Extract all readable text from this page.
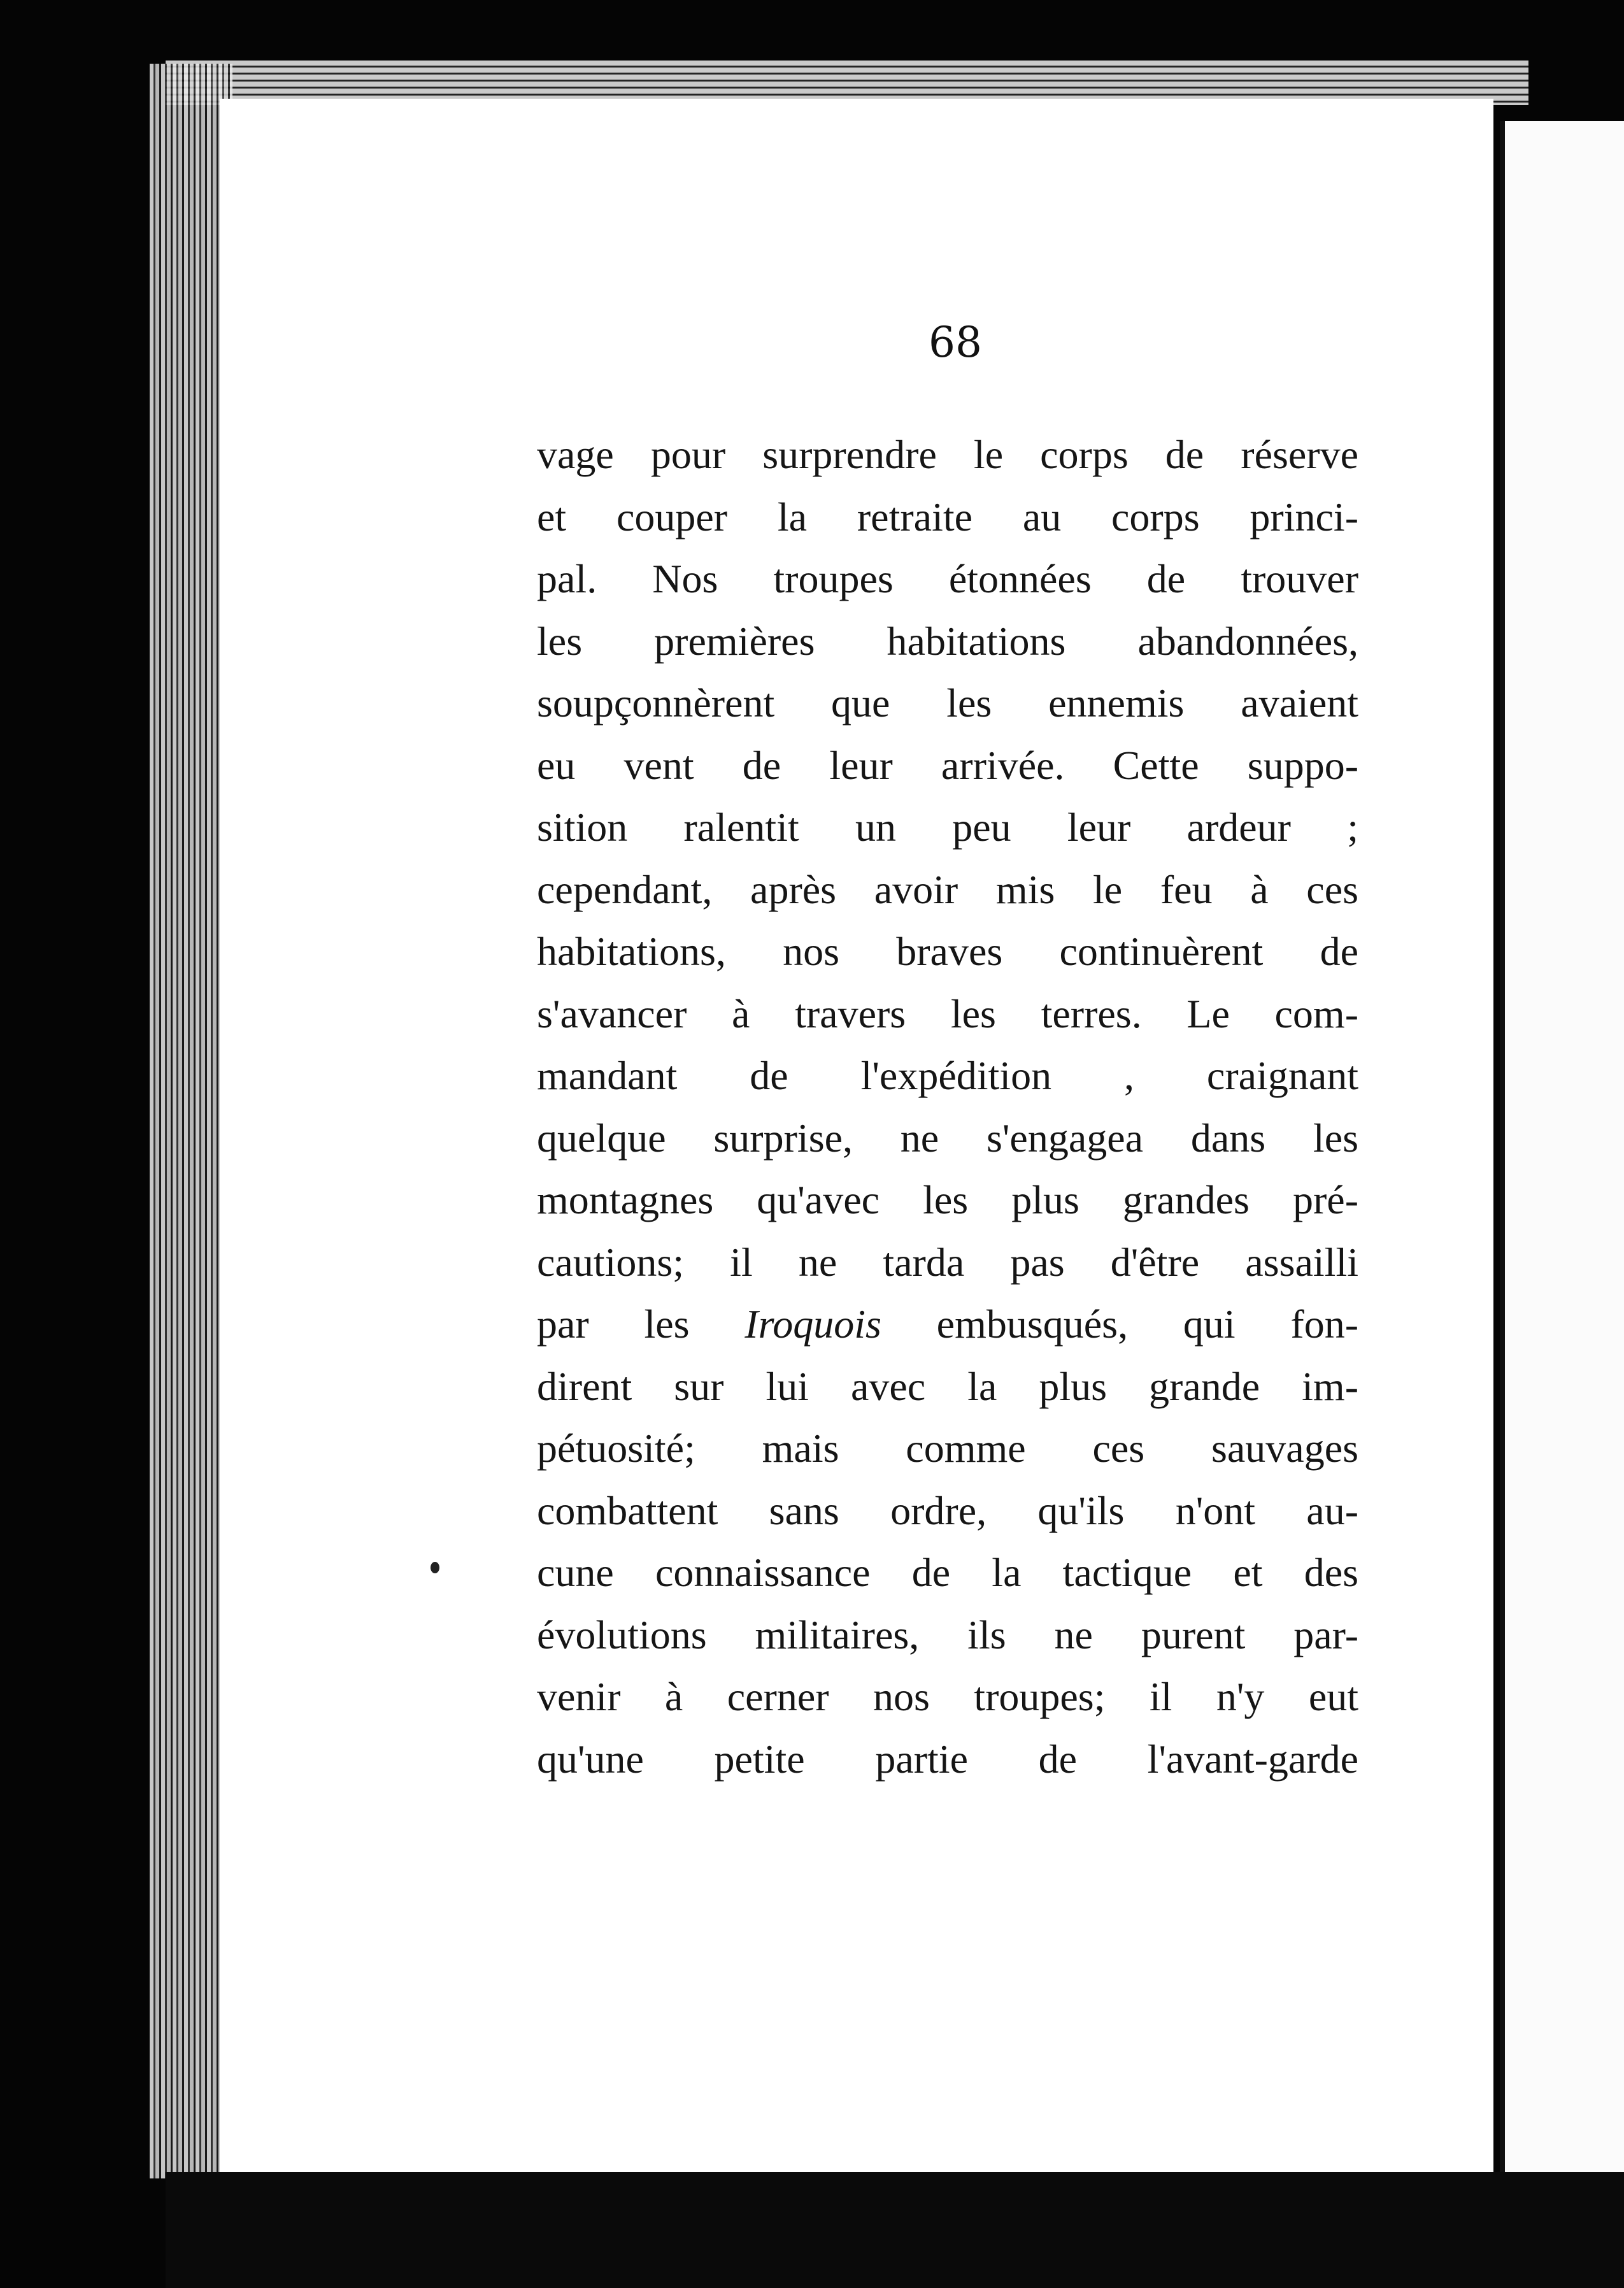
68
vage pour surprendre le corps de réserve
et couper la retraite au corps princi-
pal. Nos troupes étonnées de trouver
les premières habitations abandonnées,
soupçonnèrent que les ennemis avaient
eu vent de leur arrivée. Cette suppo-
sition ralentit un peu leur ardeur ;
cependant, après avoir mis le feu à ces
habitations, nos braves continuèrent de
s'avancer à travers les terres. Le com-
mandant de l'expédition , craignant
quelque surprise, ne s'engagea dans les
montagnes qu'avec les plus grandes pré-
cautions; il ne tarda pas d'être assailli
par les Iroquois embusqués, qui fon-
dirent sur lui avec la plus grande im-
pétuosité; mais comme ces sauvages
combattent sans ordre, qu'ils n'ont au-
cune connaissance de la tactique et des
évolutions militaires, ils ne purent par-
venir à cerner nos troupes; il n'y eut
qu'une petite partie de l'avant-garde
